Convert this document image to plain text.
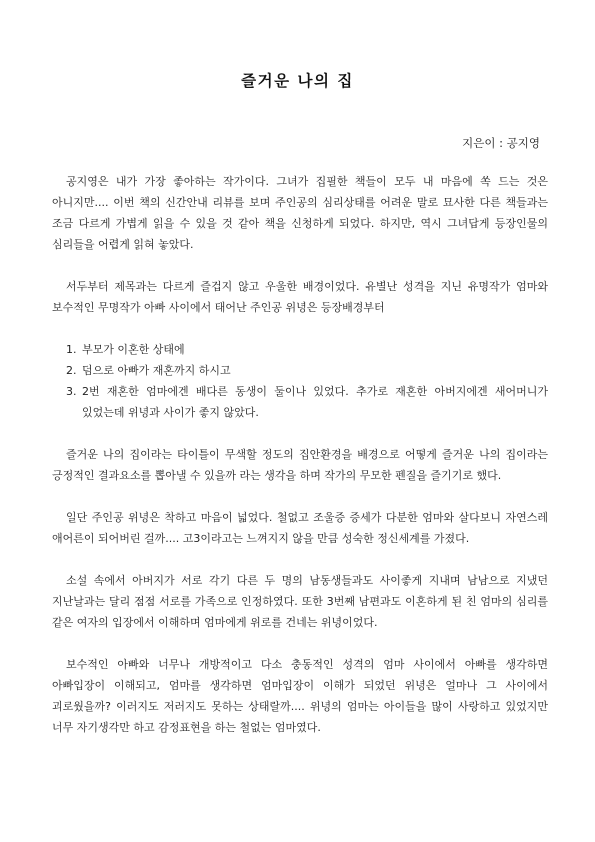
즐거운 나의 집
지은이 : 공지영

공지영은 내가 가장 좋아하는 작가이다. 그녀가 집필한 책들이 모두 내 마음에 쏙 드는 것은 아니지만.... 이번 책의 신간안내 리뷰를 보며 주인공의 심리상태를 어려운 말로 묘사한 다른 책들과는 조금 다르게 가볍게 읽을 수 있을 것 같아 책을 신청하게 되었다. 하지만, 역시 그녀답게 등장인물의 심리들을 어렵게 읽혀 놓았다.

서두부터 제목과는 다르게 즐겁지 않고 우울한 배경이었다. 유별난 성격을 지닌 유명작가 엄마와 보수적인 무명작가 아빠 사이에서 태어난 주인공 위녕은 등장배경부터

1. 부모가 이혼한 상태에
2. 덤으로 아빠가 재혼까지 하시고
3. 2번 재혼한 엄마에겐 배다른 동생이 둘이나 있었다. 추가로 재혼한 아버지에겐 새어머니가 있었는데 위녕과 사이가 좋지 않았다.

즐거운 나의 집이라는 타이틀이 무색할 정도의 집안환경을 배경으로 어떻게 즐거운 나의 집이라는 긍정적인 결과요소를 뽑아낼 수 있을까 라는 생각을 하며 작가의 무모한 펜질을 즐기기로 했다.

일단 주인공 위녕은 착하고 마음이 넓었다. 철없고 조울증 증세가 다분한 엄마와 살다보니 자연스레 애어른이 되어버린 걸까.... 고3이라고는 느껴지지 않을 만큼 성숙한 정신세계를 가졌다.

소설 속에서 아버지가 서로 각기 다른 두 명의 남동생들과도 사이좋게 지내며 남남으로 지냈던 지난날과는 달리 점점 서로를 가족으로 인정하였다. 또한 3번째 남편과도 이혼하게 된 친 엄마의 심리를 같은 여자의 입장에서 이해하며 엄마에게 위로를 건네는 위녕이었다.

보수적인 아빠와 너무나 개방적이고 다소 충동적인 성격의 엄마 사이에서 아빠를 생각하면 아빠입장이 이해되고, 엄마를 생각하면 엄마입장이 이해가 되었던 위녕은 얼마나 그 사이에서 괴로웠을까? 이러지도 저러지도 못하는 상태랄까.... 위녕의 엄마는 아이들을 많이 사랑하고 있었지만 너무 자기생각만 하고 감정표현을 하는 철없는 엄마였다.
